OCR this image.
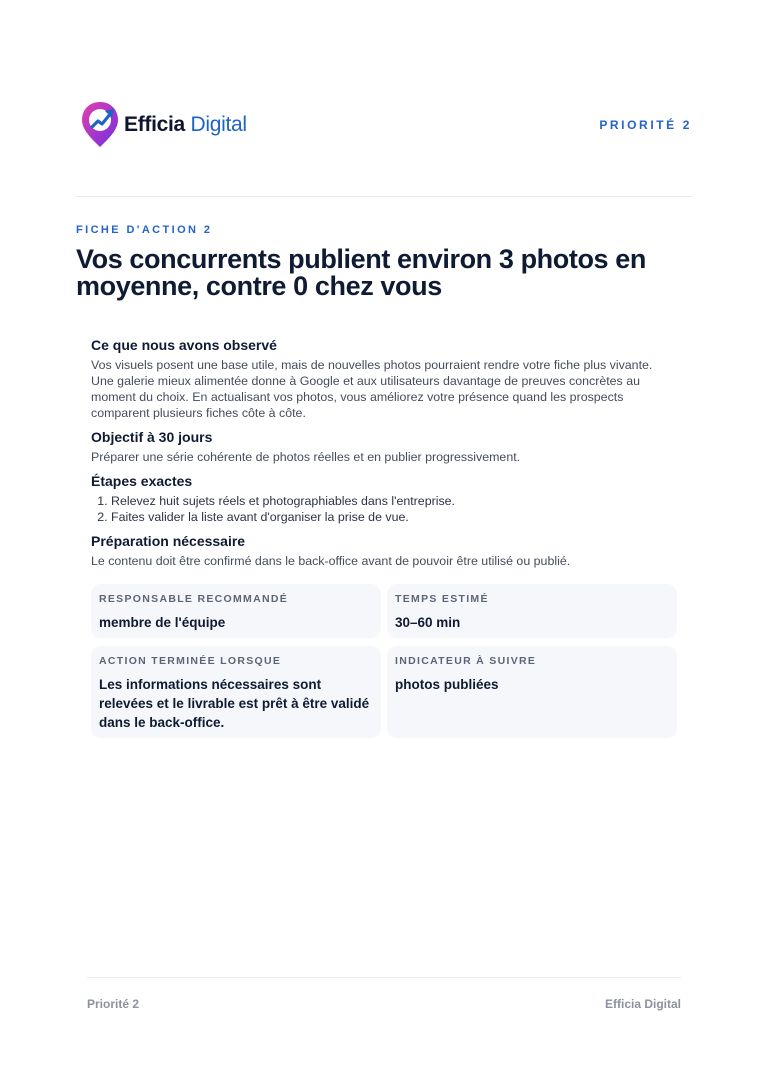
Efficia Digital	PRIORITÉ 2
FICHE D'ACTION 2
Vos concurrents publient environ 3 photos en moyenne, contre 0 chez vous
Ce que nous avons observé

Vos visuels posent une base utile, mais de nouvelles photos pourraient rendre votre fiche plus vivante. Une galerie mieux alimentée donne à Google et aux utilisateurs davantage de preuves concrètes au moment du choix. En actualisant vos photos, vous améliorez votre présence quand les prospects comparent plusieurs fiches côte à côte.

Objectif à 30 jours

Préparer une série cohérente de photos réelles et en publier progressivement.

Étapes exactes
1. Relevez huit sujets réels et photographiables dans l'entreprise.
2. Faites valider la liste avant d'organiser la prise de vue.
Préparation nécessaire

Le contenu doit être confirmé dans le back-office avant de pouvoir être utilisé ou publié.

RESPONSABLE RECOMMANDÉ
membre de l'équipe
TEMPS ESTIMÉ
30–60 min
ACTION TERMINÉE LORSQUE
Les informations nécessaires sont relevées et le livrable est prêt à être validé dans le back-office.
INDICATEUR À SUIVRE
photos publiées
Priorité 2	Efficia Digital
